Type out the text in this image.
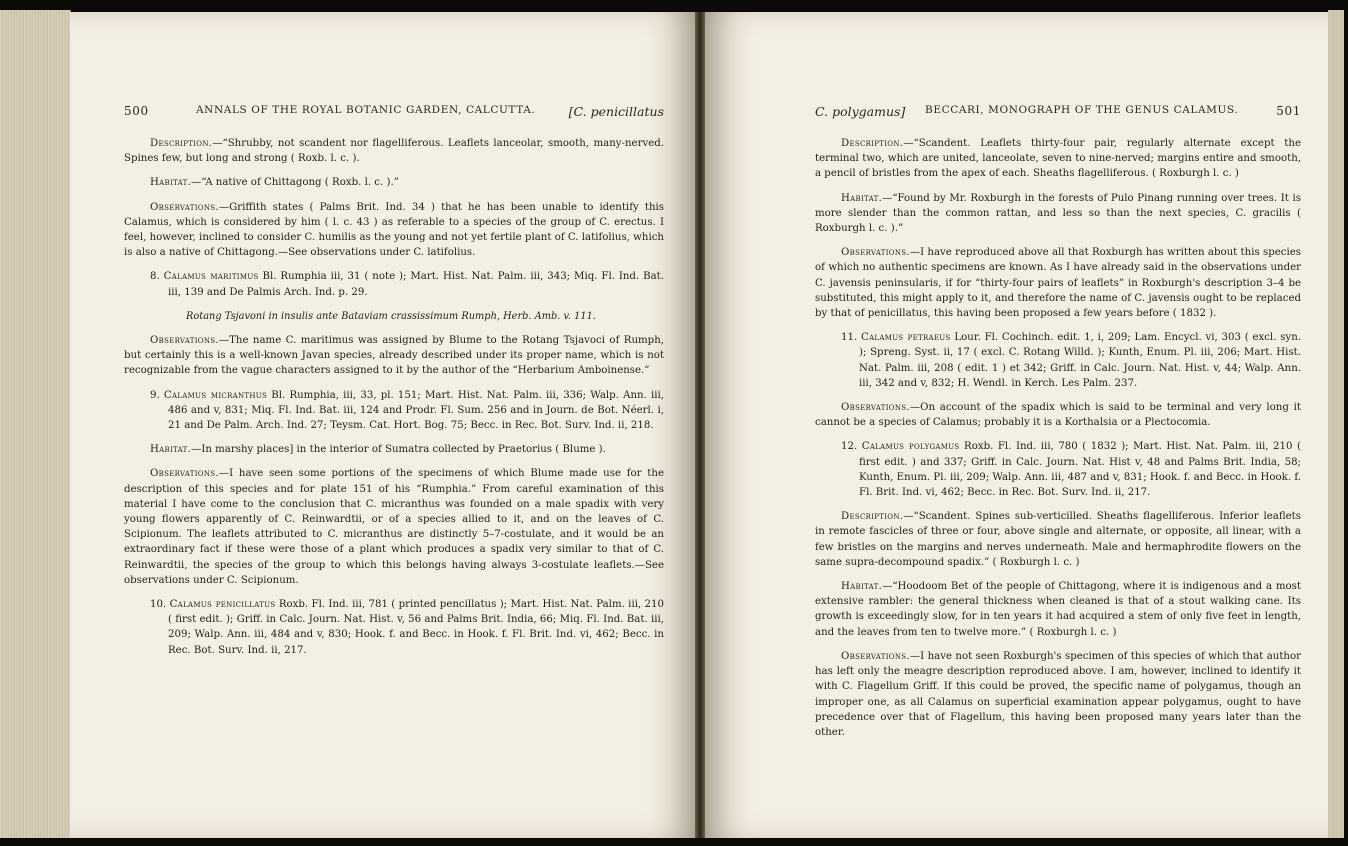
500	ANNALS OF THE ROYAL BOTANIC GARDEN, CALCUTTA.	[C. penicillatus

Description.—“Shrubby, not scandent nor flagelliferous. Leaflets lanceolar, smooth, many-nerved. Spines few, but long and strong ( Roxb. l. c. ).

Habitat.—“A native of Chittagong ( Roxb. l. c. ).”

Observations.—Griffith states ( Palms Brit. Ind. 34 ) that he has been unable to identify this Calamus, which is considered by him ( l. c. 43 ) as referable to a species of the group of C. erectus. I feel, however, inclined to consider C. humilis as the young and not yet fertile plant of C. latifolius, which is also a native of Chittagong.—See observations under C. latifolius.

8. Calamus maritimus Bl. Rumphia iii, 31 ( note ); Mart. Hist. Nat. Palm. iii, 343; Miq. Fl. Ind. Bat. iii, 139 and De Palmis Arch. Ind. p. 29.

Rotang Tsjavoni in insulis ante Bataviam crassissimum Rumph, Herb. Amb. v. 111.

Observations.—The name C. maritimus was assigned by Blume to the Rotang Tsjavoci of Rumph, but certainly this is a well-known Javan species, already described under its proper name, which is not recognizable from the vague characters assigned to it by the author of the “Herbarium Amboinense.”

9. Calamus micranthus Bl. Rumphia, iii, 33, pl. 151; Mart. Hist. Nat. Palm. iii, 336; Walp. Ann. iii, 486 and v, 831; Miq. Fl. Ind. Bat. iii, 124 and Prodr. Fl. Sum. 256 and in Journ. de Bot. Néerl. i, 21 and De Palm. Arch. Ind. 27; Teysm. Cat. Hort. Bog. 75; Becc. in Rec. Bot. Surv. Ind. ii, 218.

Habitat.—In marshy places] in the interior of Sumatra collected by Praetorius ( Blume ).

Observations.—I have seen some portions of the specimens of which Blume made use for the description of this species and for plate 151 of his “Rumphia.” From careful examination of this material I have come to the conclusion that C. micranthus was founded on a male spadix with very young flowers apparently of C. Reinwardtii, or of a species allied to it, and on the leaves of C. Scipionum. The leaflets attributed to C. micranthus are distinctly 5–7-costulate, and it would be an extraordinary fact if these were those of a plant which produces a spadix very similar to that of C. Reinwardtii, the species of the group to which this belongs having always 3-costulate leaflets.—See observations under C. Scipionum.

10. Calamus penicillatus Roxb. Fl. Ind. iii, 781 ( printed pencillatus ); Mart. Hist. Nat. Palm. iii, 210 ( first edit. ); Griff. in Calc. Journ. Nat. Hist. v, 56 and Palms Brit. India, 66; Miq. Fl. Ind. Bat. iii, 209; Walp. Ann. iii, 484 and v, 830; Hook. f. and Becc. in Hook. f. Fl. Brit. Ind. vi, 462; Becc. in Rec. Bot. Surv. Ind. ii, 217.

C. polygamus] BECCARI, MONOGRAPH OF THE GENUS CALAMUS.	501

Description.—“Scandent. Leaflets thirty-four pair, regularly alternate except the terminal two, which are united, lanceolate, seven to nine-nerved; margins entire and smooth, a pencil of bristles from the apex of each. Sheaths flagelliferous. ( Roxburgh l. c. )

Habitat.—“Found by Mr. Roxburgh in the forests of Pulo Pinang running over trees. It is more slender than the common rattan, and less so than the next species, C. gracilis ( Roxburgh l. c. ).”

Observations.—I have reproduced above all that Roxburgh has written about this species of which no authentic specimens are known. As I have already said in the observations under C. javensis peninsularis, if for “thirty-four pairs of leaflets” in Roxburgh's description 3–4 be substituted, this might apply to it, and therefore the name of C. javensis ought to be replaced by that of penicillatus, this having been proposed a few years before ( 1832 ).

11. Calamus petraeus Lour. Fl. Cochinch. edit. 1, i, 209; Lam. Encycl. vi, 303 ( excl. syn. ); Spreng. Syst. ii, 17 ( excl. C. Rotang Willd. ); Kunth, Enum. Pl. iii, 206; Mart. Hist. Nat. Palm. iii, 208 ( edit. 1 ) et 342; Griff. in Calc. Journ. Nat. Hist. v, 44; Walp. Ann. iii, 342 and v, 832; H. Wendl. in Kerch. Les Palm. 237.

Observations.—On account of the spadix which is said to be terminal and very long it cannot be a species of Calamus; probably it is a Korthalsia or a Plectocomia.

12. Calamus polygamus Roxb. Fl. Ind. iii, 780 ( 1832 ); Mart. Hist. Nat. Palm. iii, 210 ( first edit. ) and 337; Griff. in Calc. Journ. Nat. Hist v, 48 and Palms Brit. India, 58; Kunth, Enum. Pl. iii, 209; Walp. Ann. iii, 487 and v, 831; Hook. f. and Becc. in Hook. f. Fl. Brit. Ind. vi, 462; Becc. in Rec. Bot. Surv. Ind. ii, 217.

Description.—“Scandent. Spines sub-verticilled. Sheaths flagelliferous. Inferior leaflets in remote fascicles of three or four, above single and alternate, or opposite, all linear, with a few bristles on the margins and nerves underneath. Male and hermaphrodite flowers on the same supra-decompound spadix.” ( Roxburgh l. c. )

Habitat.—“Hoodoom Bet of the people of Chittagong, where it is indigenous and a most extensive rambler: the general thickness when cleaned is that of a stout walking cane. Its growth is exceedingly slow, for in ten years it had acquired a stem of only five feet in length, and the leaves from ten to twelve more.” ( Roxburgh l. c. )

Observations.—I have not seen Roxburgh's specimen of this species of which that author has left only the meagre description reproduced above. I am, however, inclined to identify it with C. Flagellum Griff. If this could be proved, the specific name of polygamus, though an improper one, as all Calamus on superficial examination appear polygamus, ought to have precedence over that of Flagellum, this having been proposed many years later than the other.
